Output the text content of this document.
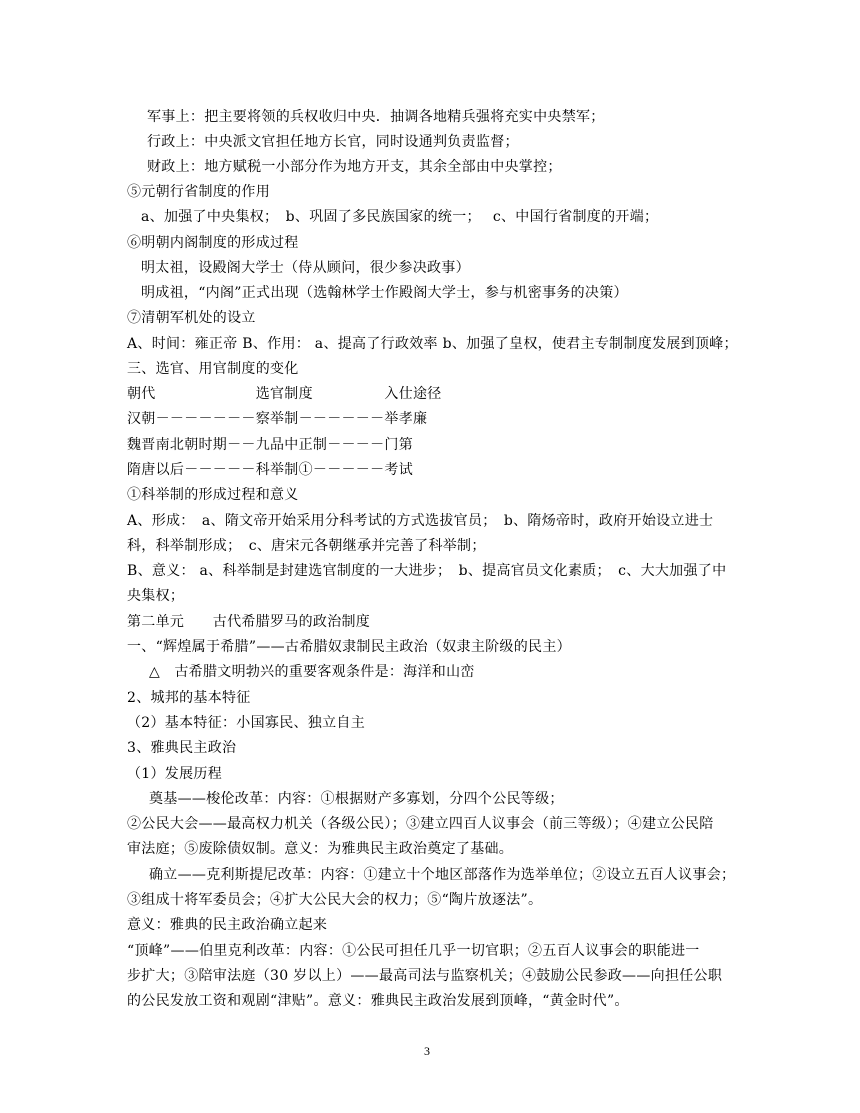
军事上：把主要将领的兵权收归中央．抽调各地精兵强将充实中央禁军；
行政上：中央派文官担任地方长官，同时设通判负责监督；
财政上：地方赋税一小部分作为地方开支，其余全部由中央掌控；
⑤元朝行省制度的作用
a、加强了中央集权；　b、巩固了多民族国家的统一；　 c、中国行省制度的开端；
⑥明朝内阁制度的形成过程
明太祖，设殿阁大学士（侍从顾问，很少参决政事）
明成祖，“内阁”正式出现（选翰林学士作殿阁大学士，参与机密事务的决策）
⑦清朝军机处的设立
A、时间：雍正帝 B、作用： a、提高了行政效率 b、加强了皇权，使君主专制制度发展到顶峰；
三、选官、用官制度的变化
朝代　　　　　　　选官制度　　　　　入仕途径
汉朝－－－－－－－察举制－－－－－－举孝廉
魏晋南北朝时期－－九品中正制－－－－门第
隋唐以后－－－－－科举制①－－－－－考试
①科举制的形成过程和意义
A、形成：　a、隋文帝开始采用分科考试的方式选拔官员；　b、隋炀帝时，政府开始设立进士
科，科举制形成；　c、唐宋元各朝继承并完善了科举制；
B、意义： a、科举制是封建选官制度的一大进步；　b、提高官员文化素质；　c、大大加强了中
央集权；
第二单元　　古代希腊罗马的政治制度
一、“辉煌属于希腊”——古希腊奴隶制民主政治（奴隶主阶级的民主）
△　古希腊文明勃兴的重要客观条件是：海洋和山峦
2、城邦的基本特征
（2）基本特征：小国寡民、独立自主
3、雅典民主政治
（1）发展历程
奠基——梭伦改革：内容：①根据财产多寡划，分四个公民等级；
②公民大会——最高权力机关（各级公民）；③建立四百人议事会（前三等级）；④建立公民陪
审法庭；⑤废除债奴制。意义：为雅典民主政治奠定了基础。
确立——克利斯提尼改革：内容：①建立十个地区部落作为选举单位；②设立五百人议事会；
③组成十将军委员会；④扩大公民大会的权力；⑤“陶片放逐法”。
意义：雅典的民主政治确立起来
“顶峰”——伯里克利改革：内容：①公民可担任几乎一切官职；②五百人议事会的职能进一
步扩大；③陪审法庭（30 岁以上）——最高司法与监察机关；④鼓励公民参政——向担任公职
的公民发放工资和观剧“津贴”。意义：雅典民主政治发展到顶峰，“黄金时代”。
3
